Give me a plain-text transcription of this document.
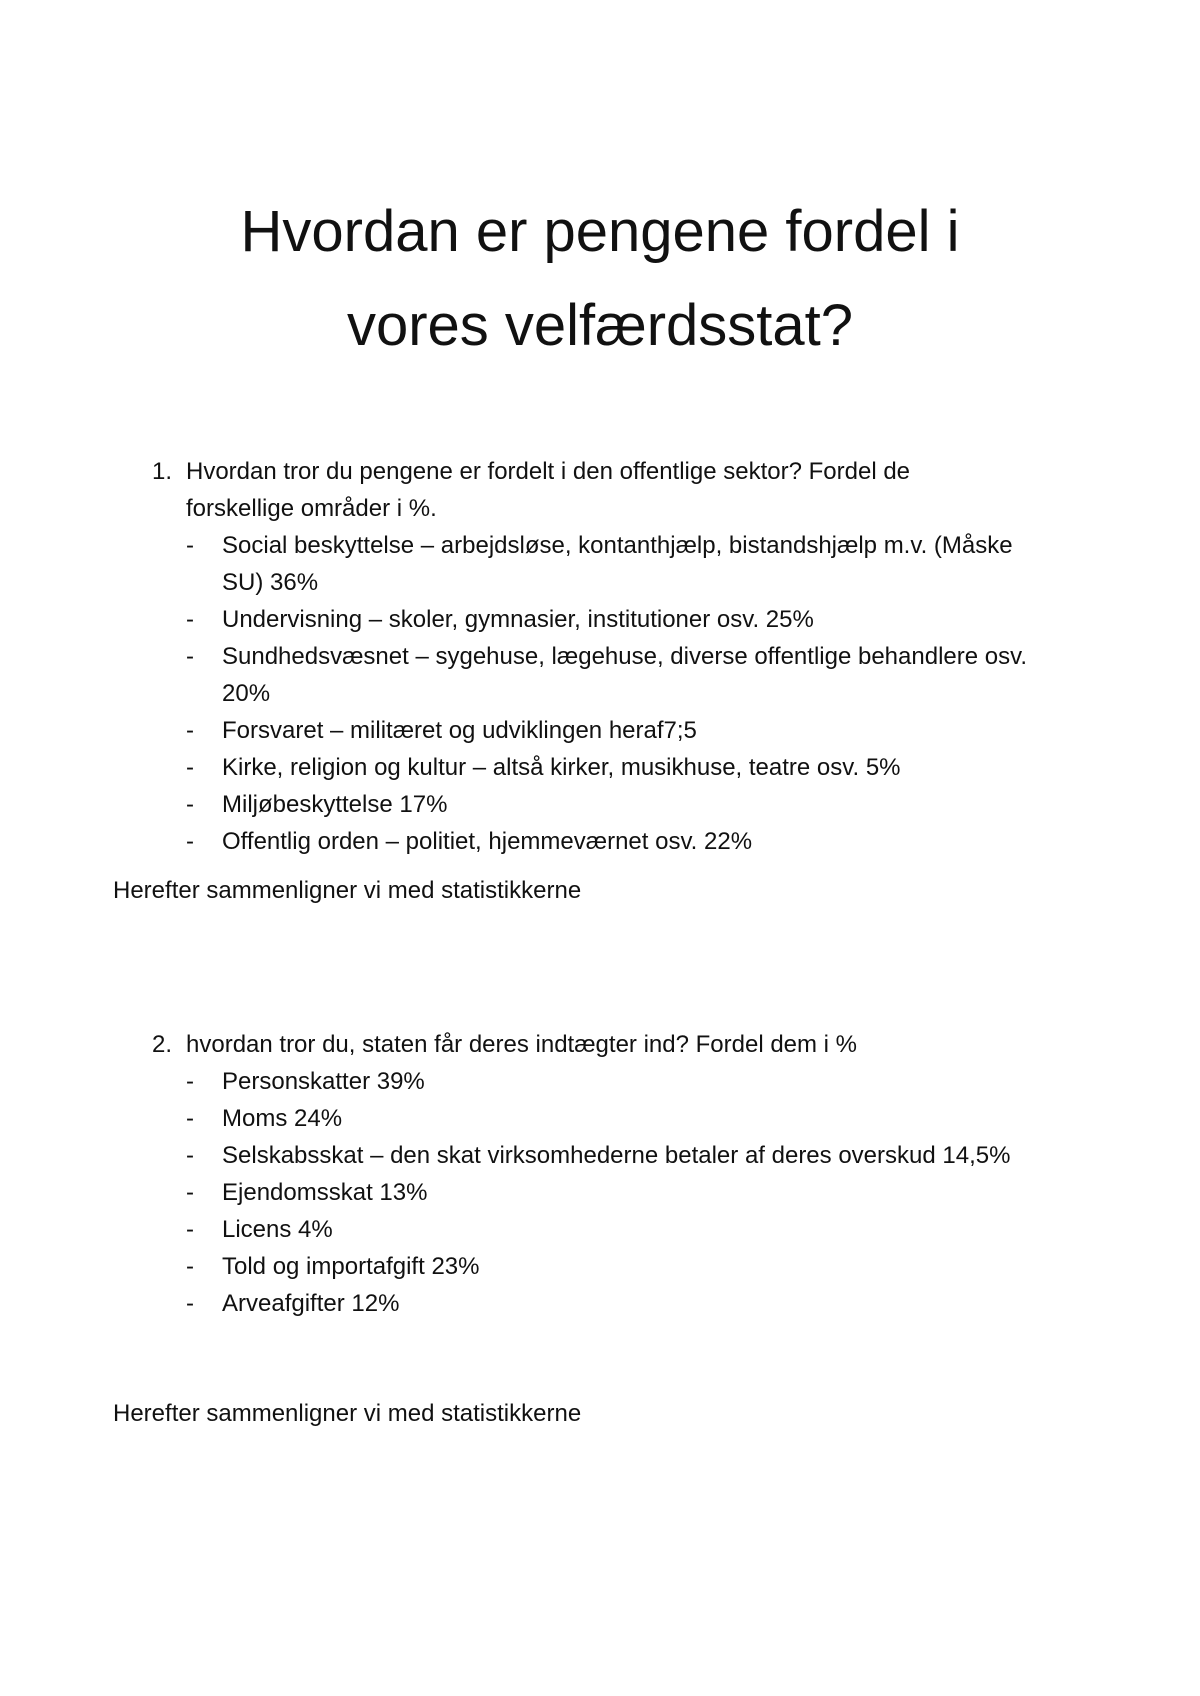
Hvordan er pengene fordel i
vores velfærdsstat?
1. Hvordan tror du pengene er fordelt i den offentlige sektor? Fordel de
forskellige områder i %.
- Social beskyttelse – arbejdsløse, kontanthjælp, bistandshjælp m.v. (Måske
SU) 36%
- Undervisning – skoler, gymnasier, institutioner osv. 25%
- Sundhedsvæsnet – sygehuse, lægehuse, diverse offentlige behandlere osv.
20%
- Forsvaret – militæret og udviklingen heraf7;5
- Kirke, religion og kultur – altså kirker, musikhuse, teatre osv. 5%
- Miljøbeskyttelse 17%
- Offentlig orden – politiet, hjemmeværnet osv. 22%
Herefter sammenligner vi med statistikkerne
2. hvordan tror du, staten får deres indtægter ind? Fordel dem i %
- Personskatter 39%
- Moms 24%
- Selskabsskat – den skat virksomhederne betaler af deres overskud 14,5%
- Ejendomsskat 13%
- Licens 4%
- Told og importafgift 23%
- Arveafgifter 12%
Herefter sammenligner vi med statistikkerne
